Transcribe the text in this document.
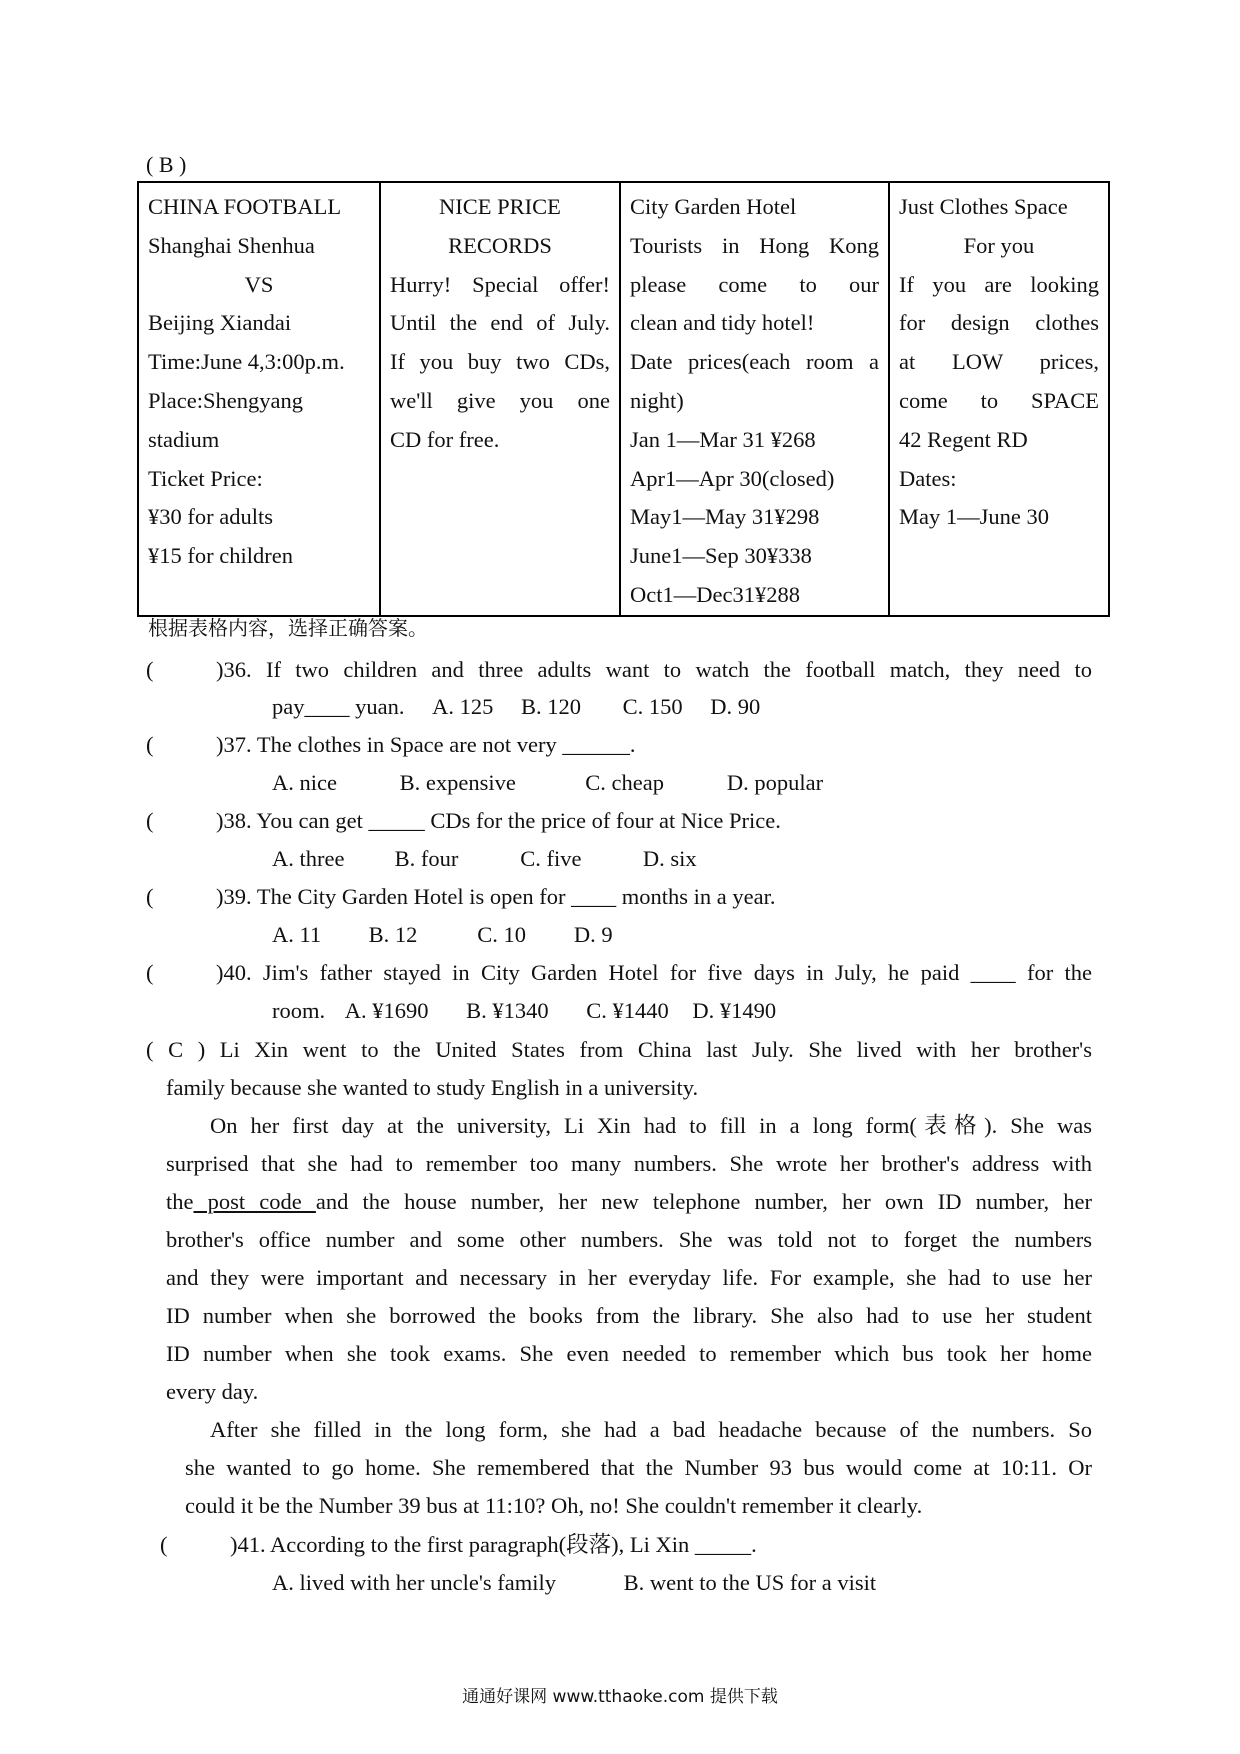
( B )
CHINA FOOTBALL
Shanghai Shenhua
VS
Beijing Xiandai
Time:June 4,3:00p.m.
Place:Shengyang
stadium
Ticket Price:
¥30 for adults
¥15 for children

NICE PRICE
RECORDS
Hurry! Special offer!
Until the end of July.
If you buy two CDs,
we'll give you one
CD for free.

City Garden Hotel
Tourists in Hong Kong
please come to our
clean and tidy hotel!
Date prices(each room a
night)
Jan 1—Mar 31 ¥268
Apr1—Apr 30(closed)
May1—May 31¥298
June1—Sep 30¥338
Oct1—Dec31¥288

Just Clothes Space
For you
If you are looking
for design clothes
at LOW prices,
come to SPACE
42 Regent RD
Dates:
May 1—June 30
根据表格内容，选择正确答案。
(	)36. If two children and three adults want to watch the football match, they need to
pay____ yuan. A. 125 B. 120 C. 150 D. 90
(	)37. The clothes in Space are not very ______.
A. nice	B. expensive	C. cheap	D. popular
(	)38. You can get _____ CDs for the price of four at Nice Price.
A. three B. four	C. five	D. six
(	)39. The City Garden Hotel is open for ____ months in a year.
A. 11 B. 12	C. 10 D. 9
(	)40. Jim's father stayed in City Garden Hotel for five days in July, he paid ____ for the
room. A. ¥1690 B. ¥1340 C. ¥1440 D. ¥1490
( C ) Li Xin went to the United States from China last July. She lived with her brother's
family because she wanted to study English in a university.
On her first day at the university, Li Xin had to fill in a long form(表格). She was
surprised that she had to remember too many numbers. She wrote her brother's address with
the post code and the house number, her new telephone number, her own ID number, her
brother's office number and some other numbers. She was told not to forget the numbers
and they were important and necessary in her everyday life. For example, she had to use her
ID number when she borrowed the books from the library. She also had to use her student
ID number when she took exams. She even needed to remember which bus took her home
every day.
After she filled in the long form, she had a bad headache because of the numbers. So
she wanted to go home. She remembered that the Number 93 bus would come at 10:11. Or
could it be the Number 39 bus at 11:10? Oh, no! She couldn't remember it clearly.
(	)41. According to the first paragraph(段落), Li Xin _____.
A. lived with her uncle's family	B. went to the US for a visit
通通好课网 www.tthaoke.com 提供下载
